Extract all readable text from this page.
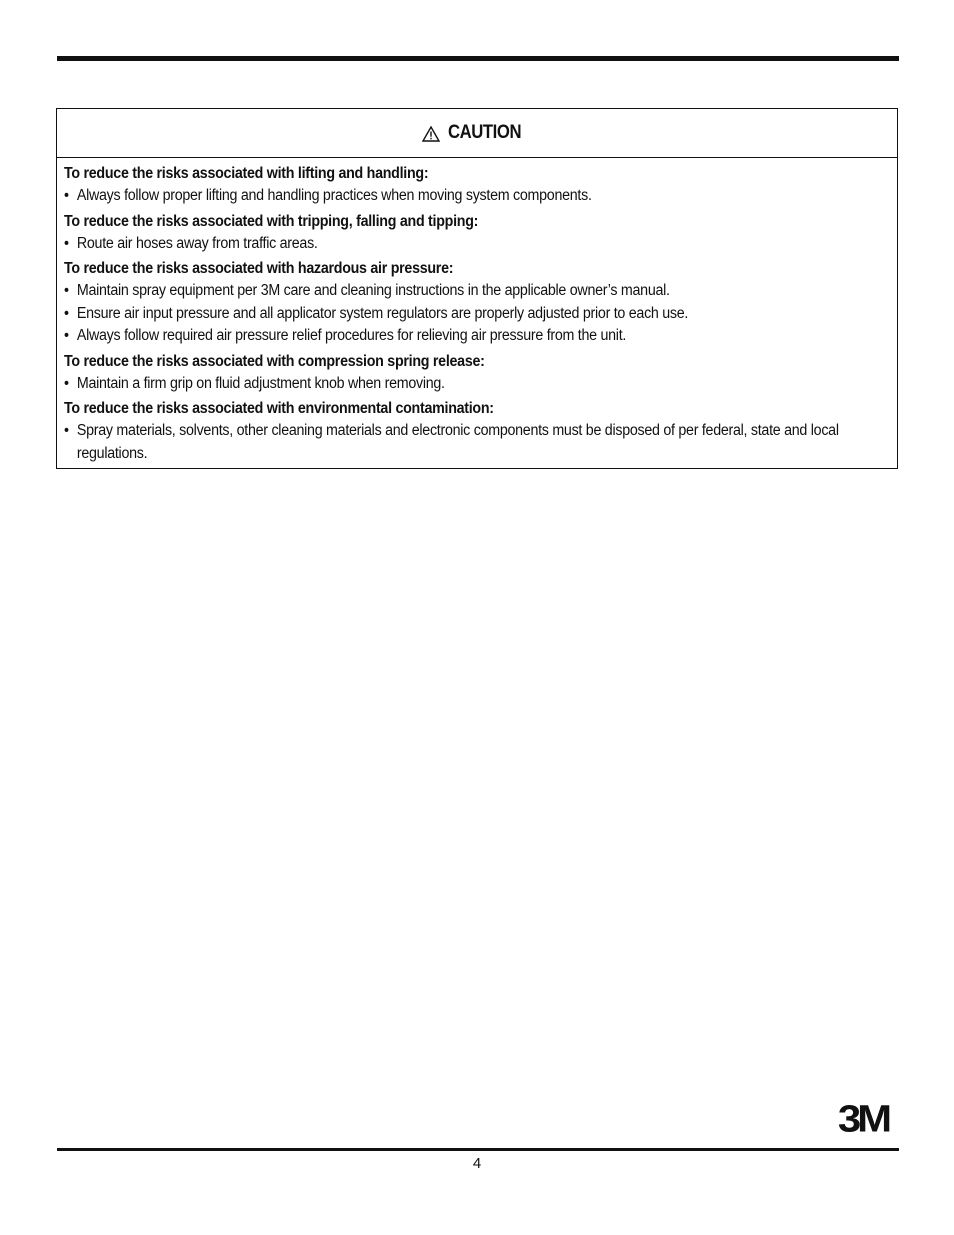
CAUTION

To reduce the risks associated with lifting and handling:

• Always follow proper lifting and handling practices when moving system components.

To reduce the risks associated with tripping, falling and tipping:

• Route air hoses away from traffic areas.

To reduce the risks associated with hazardous air pressure:

• Maintain spray equipment per 3M care and cleaning instructions in the applicable owner’s manual.
• Ensure air input pressure and all applicator system regulators are properly adjusted prior to each use.
• Always follow required air pressure relief procedures for relieving air pressure from the unit.

To reduce the risks associated with compression spring release:

• Maintain a firm grip on fluid adjustment knob when removing.

To reduce the risks associated with environmental contamination:

• Spray materials, solvents, other cleaning materials and electronic components must be disposed of per federal, state and local regulations.
3M
4
